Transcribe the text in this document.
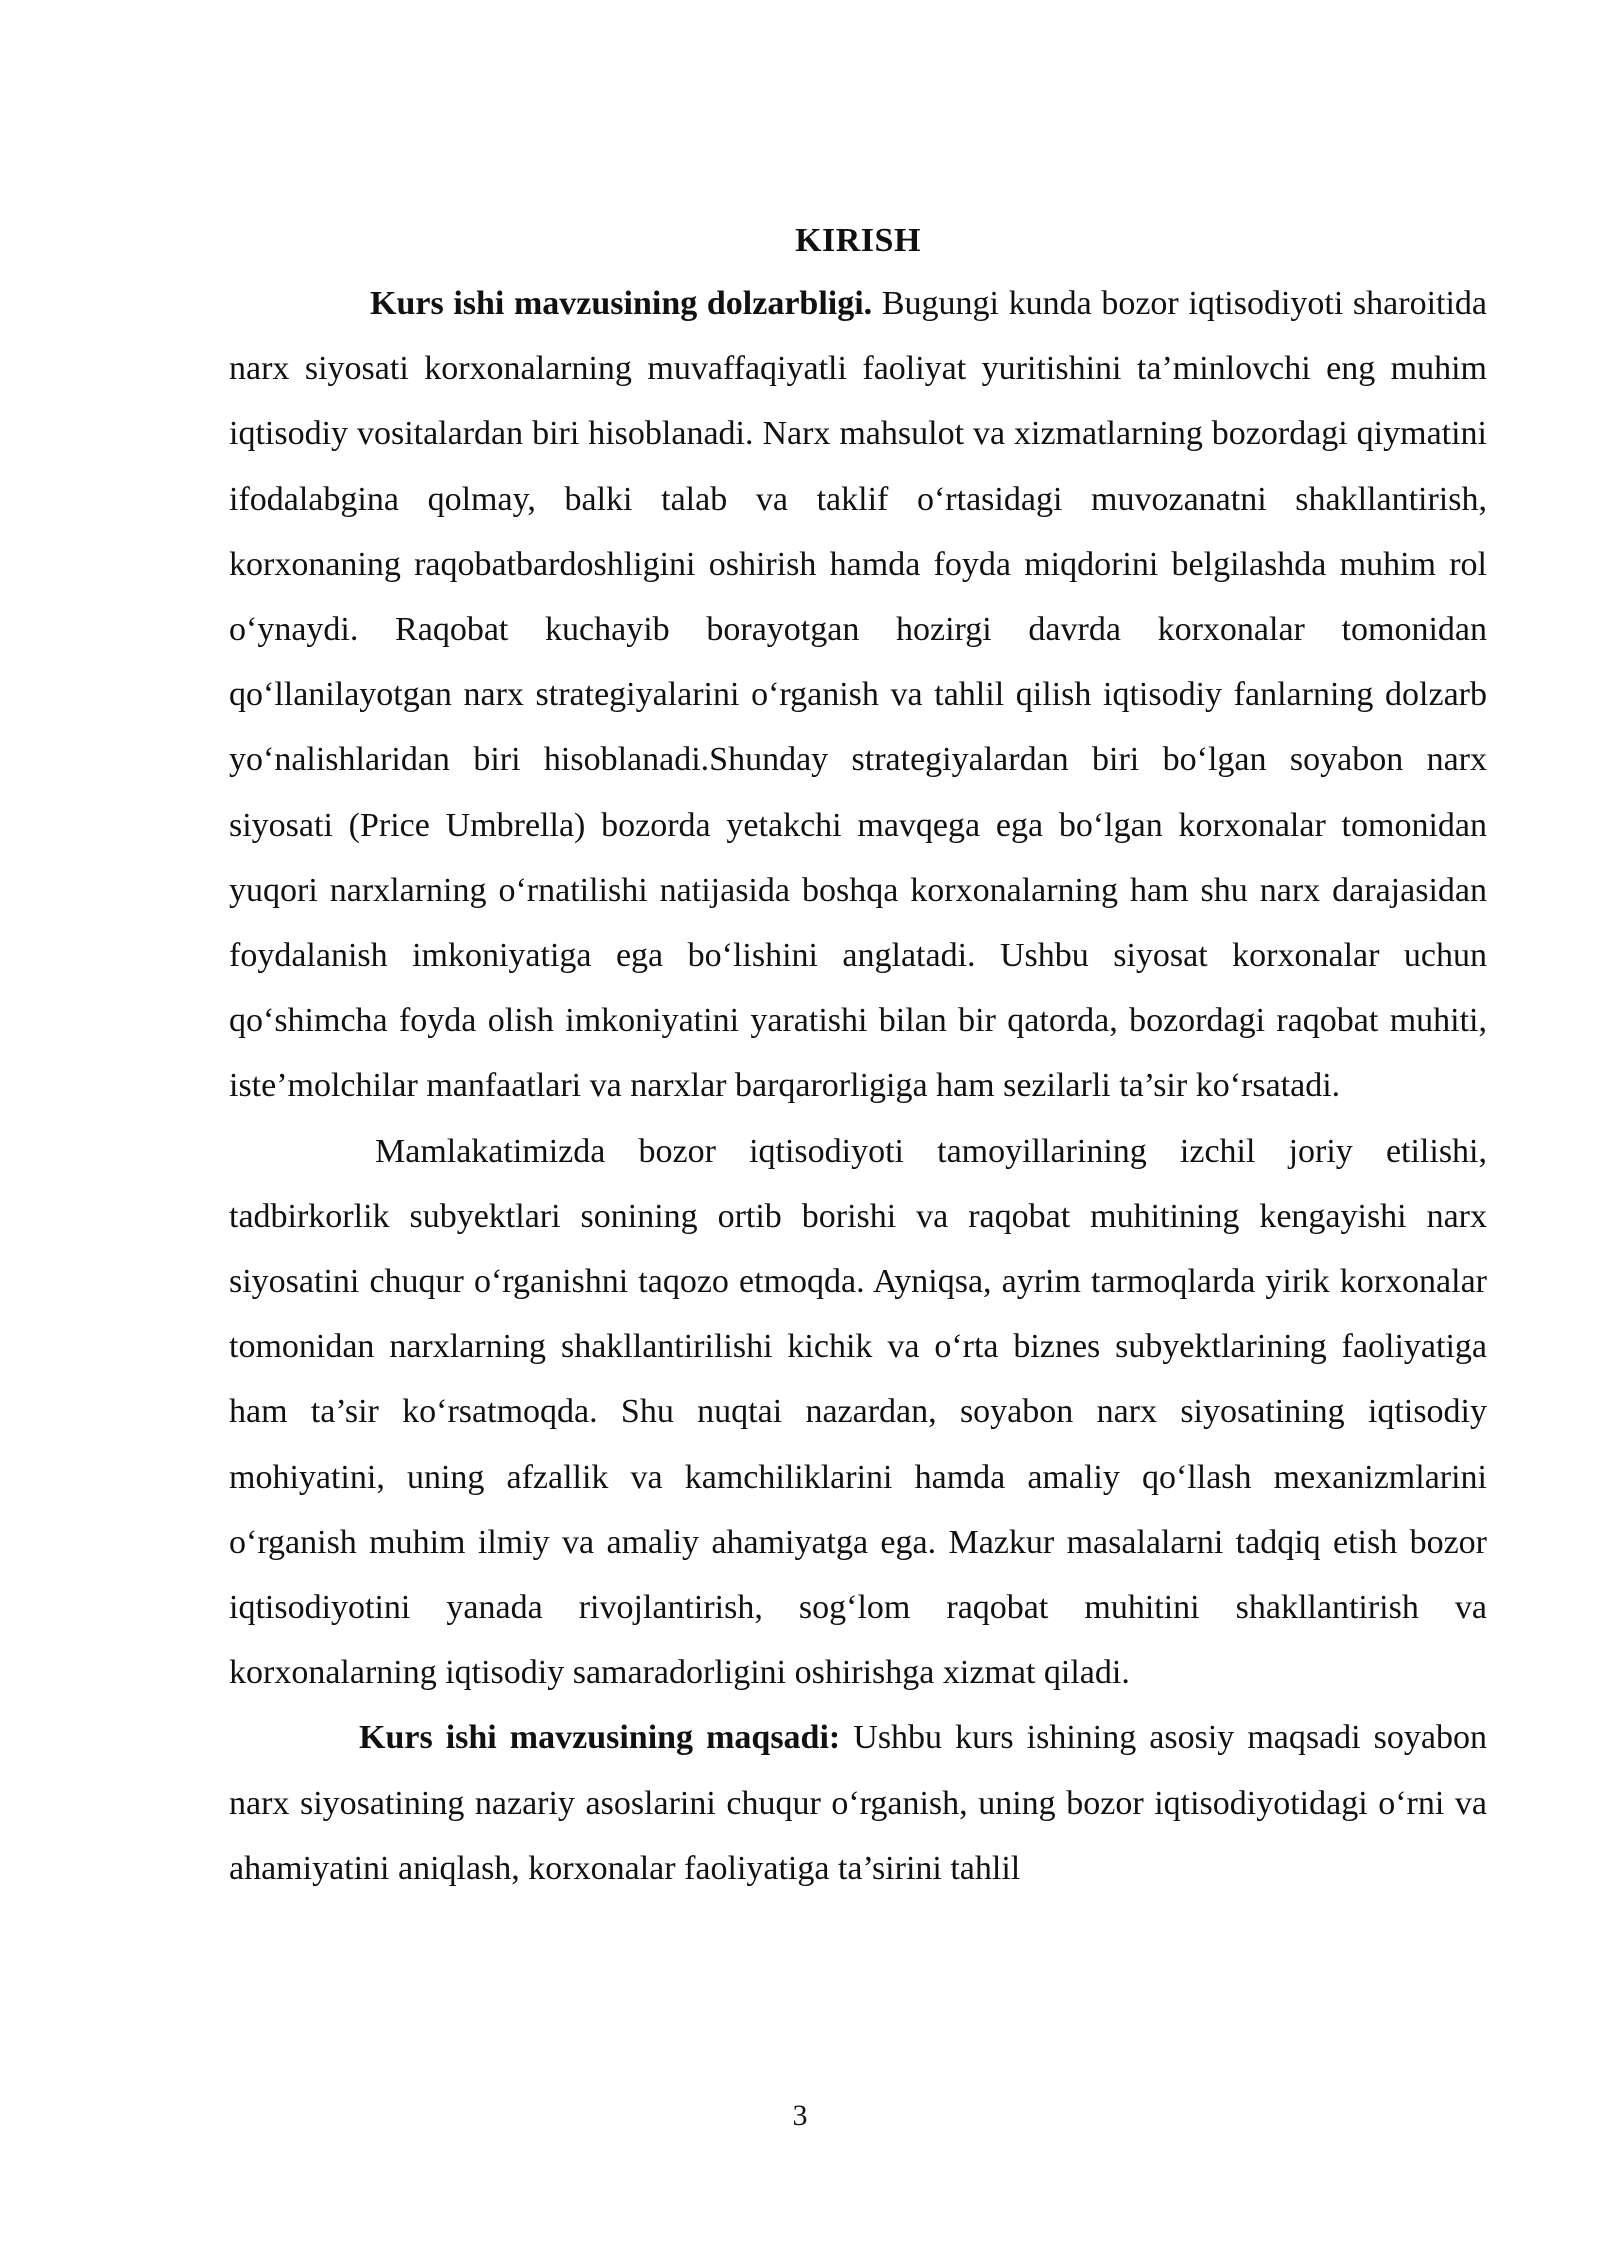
KIRISH

Kurs ishi mavzusining dolzarbligi. Bugungi kunda bozor iqtisodiyoti sharoitida narx siyosati korxonalarning muvaffaqiyatli faoliyat yuritishini ta’minlovchi eng muhim iqtisodiy vositalardan biri hisoblanadi. Narx mahsulot va xizmatlarning bozordagi qiymatini ifodalabgina qolmay, balki talab va taklif o‘rtasidagi muvozanatni shakllantirish, korxonaning raqobatbardoshligini oshirish hamda foyda miqdorini belgilashda muhim rol o‘ynaydi. Raqobat kuchayib borayotgan hozirgi davrda korxonalar tomonidan qo‘llanilayotgan narx strategiyalarini o‘rganish va tahlil qilish iqtisodiy fanlarning dolzarb yo‘nalishlaridan biri hisoblanadi.Shunday strategiyalardan biri bo‘lgan soyabon narx siyosati (Price Umbrella) bozorda yetakchi mavqega ega bo‘lgan korxonalar tomonidan yuqori narxlarning o‘rnatilishi natijasida boshqa korxonalarning ham shu narx darajasidan foydalanish imkoniyatiga ega bo‘lishini anglatadi. Ushbu siyosat korxonalar uchun qo‘shimcha foyda olish imkoniyatini yaratishi bilan bir qatorda, bozordagi raqobat muhiti, iste’molchilar manfaatlari va narxlar barqarorligiga ham sezilarli ta’sir ko‘rsatadi.

Mamlakatimizda bozor iqtisodiyoti tamoyillarining izchil joriy etilishi, tadbirkorlik subyektlari sonining ortib borishi va raqobat muhitining kengayishi narx siyosatini chuqur o‘rganishni taqozo etmoqda. Ayniqsa, ayrim tarmoqlarda yirik korxonalar tomonidan narxlarning shakllantirilishi kichik va o‘rta biznes subyektlarining faoliyatiga ham ta’sir ko‘rsatmoqda. Shu nuqtai nazardan, soyabon narx siyosatining iqtisodiy mohiyatini, uning afzallik va kamchiliklarini hamda amaliy qo‘llash mexanizmlarini o‘rganish muhim ilmiy va amaliy ahamiyatga ega. Mazkur masalalarni tadqiq etish bozor iqtisodiyotini yanada rivojlantirish, sog‘lom raqobat muhitini shakllantirish va korxonalarning iqtisodiy samaradorligini oshirishga xizmat qiladi.

Kurs ishi mavzusining maqsadi: Ushbu kurs ishining asosiy maqsadi soyabon narx siyosatining nazariy asoslarini chuqur o‘rganish, uning bozor iqtisodiyotidagi o‘rni va ahamiyatini aniqlash, korxonalar faoliyatiga ta’sirini tahlil

3
